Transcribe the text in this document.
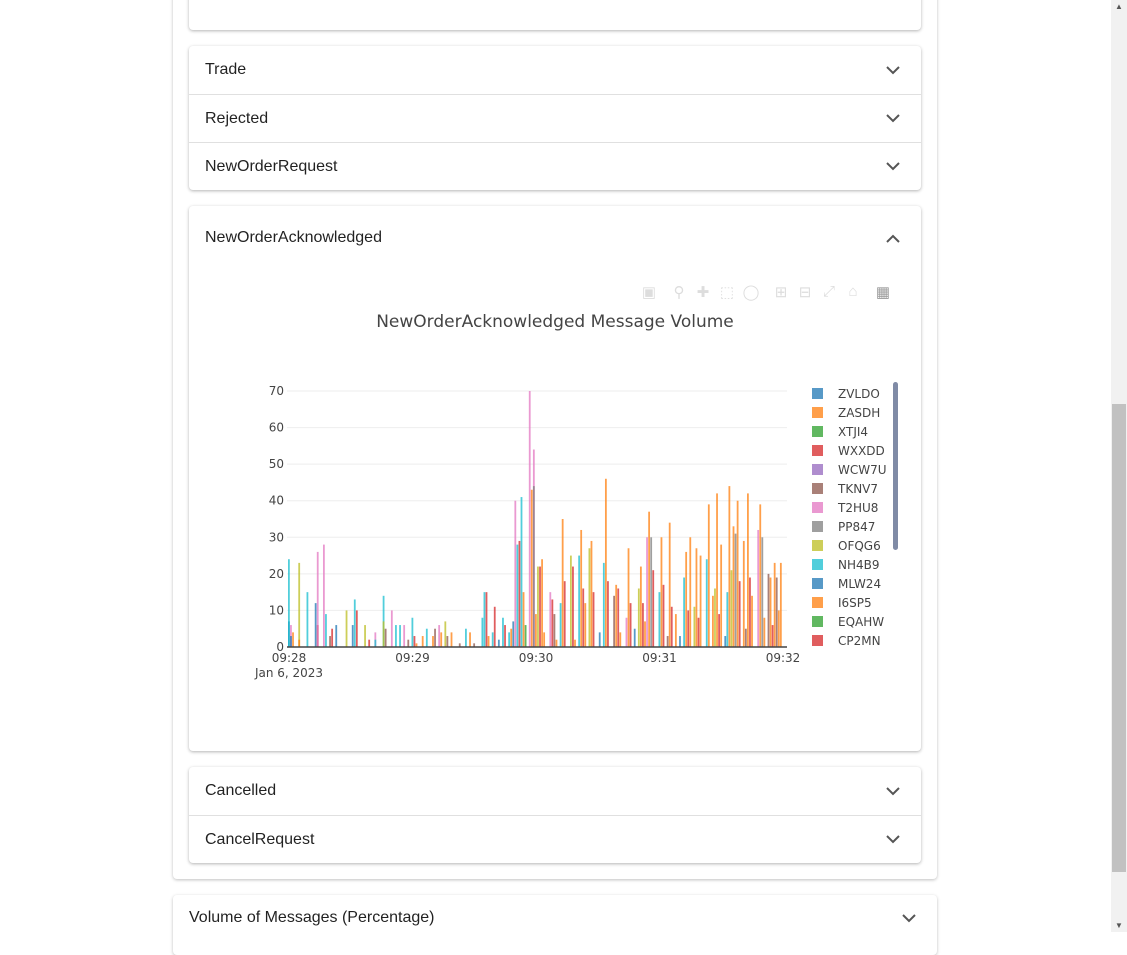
Trade
Rejected
NewOrderRequest
NewOrderAcknowledged
▣ ⚲ ✚ ⬚ ◯ ⊞ ⊟ ⤢ ⌂ ▦
NewOrderAcknowledged Message Volume
0
10
20
30
40
50
60
70
09:28	09:29	09:30	09:31	09:32
Jan 6, 2023
ZVLDO
ZASDH
XTJI4
WXXDD
WCW7U
TKNV7
T2HU8
PP847
OFQG6
NH4B9
MLW24
I6SP5
EQAHW
CP2MN
Cancelled
CancelRequest
Volume of Messages (Percentage)
▲
▼
